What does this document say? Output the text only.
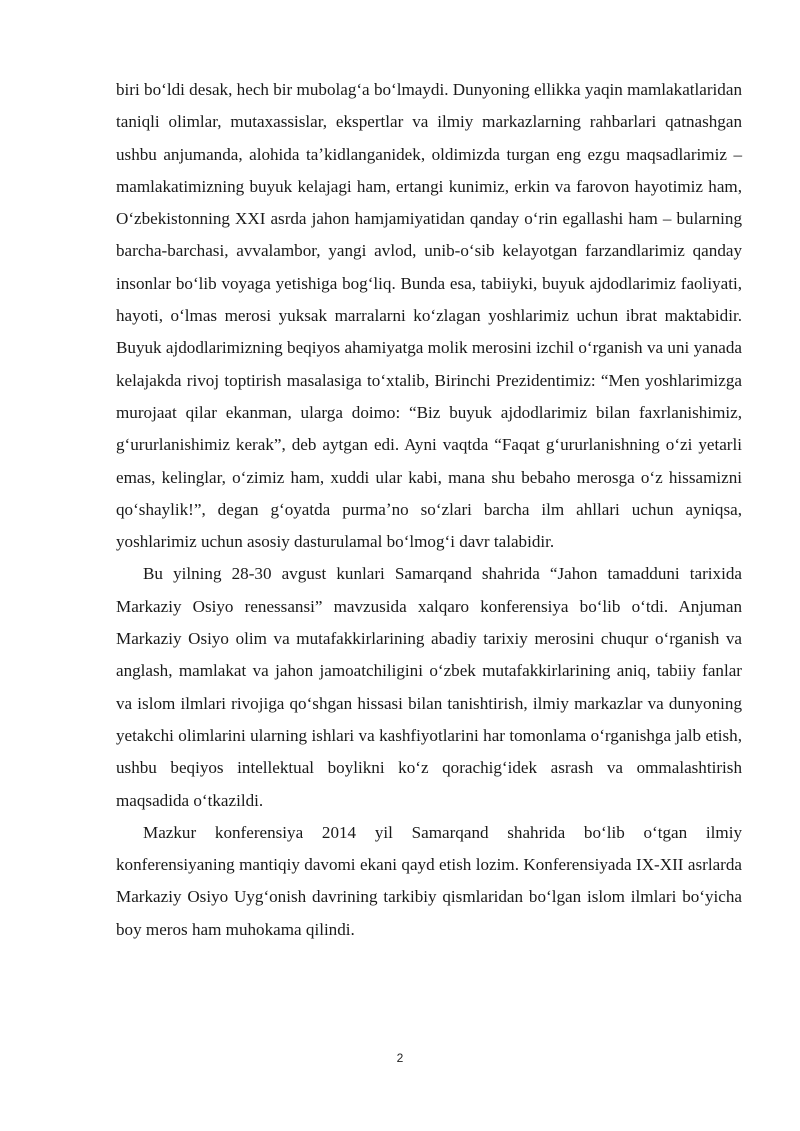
biri boʻldi desak, hech bir mubolagʻa boʻlmaydi. Dunyoning ellikka yaqin mamlakatlaridan taniqli olimlar, mutaxassislar, ekspertlar va ilmiy markazlarning rahbarlari qatnashgan ushbu anjumanda, alohida taʼkidlanganidek, oldimizda turgan eng ezgu maqsadlarimiz – mamlakatimizning buyuk kelajagi ham, ertangi kunimiz, erkin va farovon hayotimiz ham, Oʻzbekistonning XXI asrda jahon hamjamiyatidan qanday oʻrin egallashi ham – bularning barcha-barchasi, avvalambor, yangi avlod, unib-oʻsib kelayotgan farzandlarimiz qanday insonlar boʻlib voyaga yetishiga bogʻliq. Bunda esa, tabiiyki, buyuk ajdodlarimiz faoliyati, hayoti, oʻlmas merosi yuksak marralarni koʻzlagan yoshlarimiz uchun ibrat maktabidir. Buyuk ajdodlarimizning beqiyos ahamiyatga molik merosini izchil oʻrganish va uni yanada kelajakda rivoj toptirish masalasiga toʻxtalib, Birinchi Prezidentimiz: “Men yoshlarimizga murojaat qilar ekanman, ularga doimo: “Biz buyuk ajdodlarimiz bilan faxrlanishimiz, gʻururlanishimiz kerak”, deb aytgan edi. Ayni vaqtda “Faqat gʻururlanishning oʻzi yetarli emas, kelinglar, oʻzimiz ham, xuddi ular kabi, mana shu bebaho merosga oʻz hissamizni qoʻshaylik!”, degan gʻoyatda purmaʼno soʻzlari barcha ilm ahllari uchun ayniqsa, yoshlarimiz uchun asosiy dasturulamal boʻlmogʻi davr talabidir.

Bu yilning 28-30 avgust kunlari Samarqand shahrida “Jahon tamadduni tarixida Markaziy Osiyo renessansi” mavzusida xalqaro konferensiya boʻlib oʻtdi. Anjuman Markaziy Osiyo olim va mutafakkirlarining abadiy tarixiy merosini chuqur oʻrganish va anglash, mamlakat va jahon jamoatchiligini oʻzbek mutafakkirlarining aniq, tabiiy fanlar va islom ilmlari rivojiga qoʻshgan hissasi bilan tanishtirish, ilmiy markazlar va dunyoning yetakchi olimlarini ularning ishlari va kashfiyotlarini har tomonlama oʻrganishga jalb etish, ushbu beqiyos intellektual boylikni koʻz qorachigʻidek asrash va ommalashtirish maqsadida oʻtkazildi.

Mazkur konferensiya 2014 yil Samarqand shahrida boʻlib oʻtgan ilmiy konferensiyaning mantiqiy davomi ekani qayd etish lozim. Konferensiyada IX-XII asrlarda Markaziy Osiyo Uygʻonish davrining tarkibiy qismlaridan boʻlgan islom ilmlari boʻyicha boy meros ham muhokama qilindi.

2
